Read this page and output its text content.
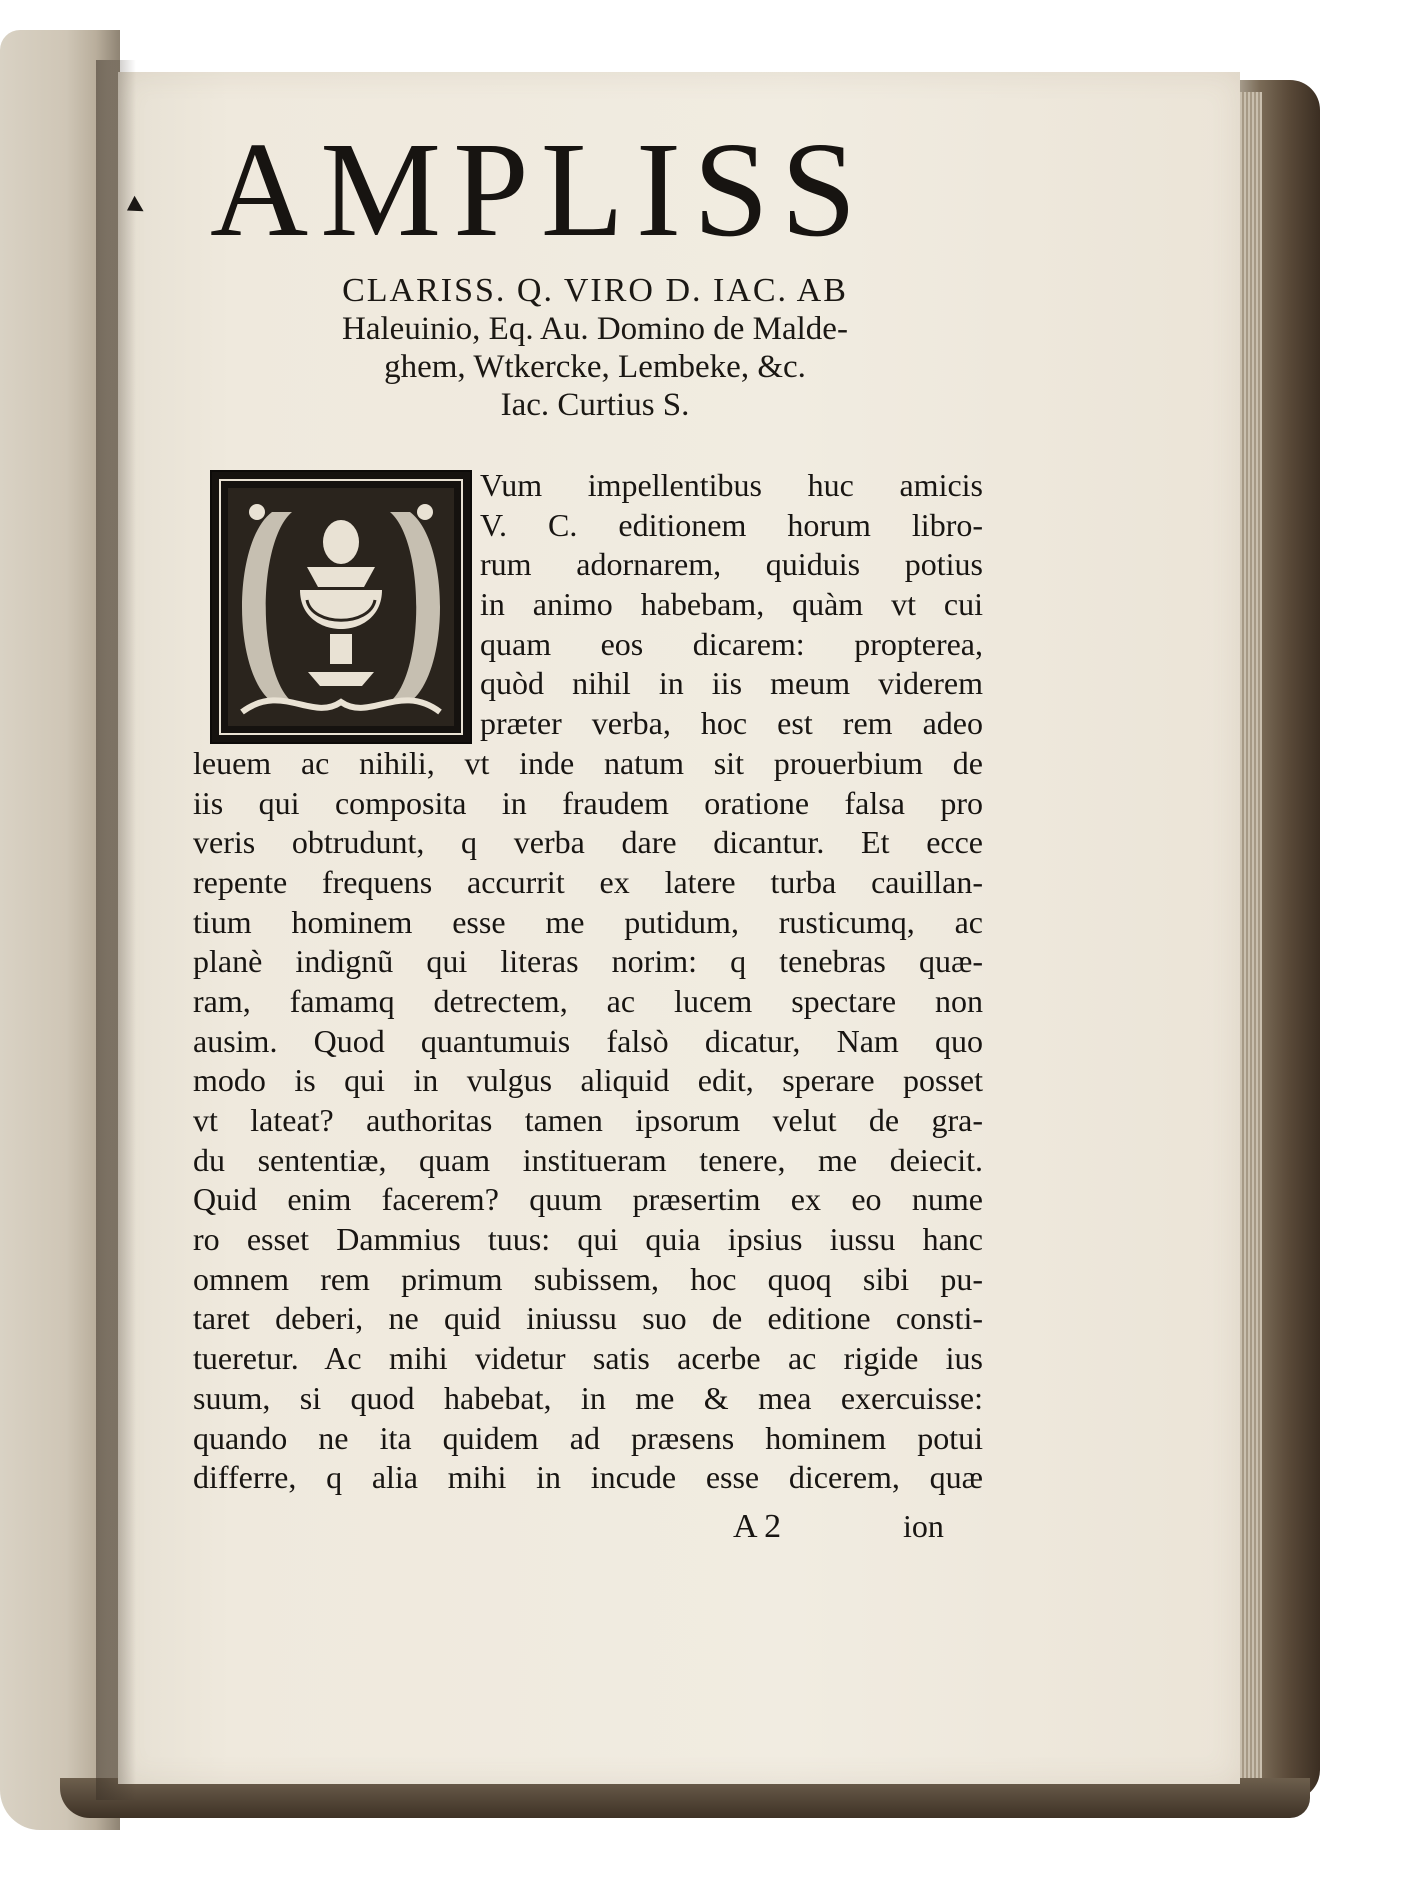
AMPLISS
CLARISS. Q. VIRO D. IAC. AB
Haleuinio, Eq. Au. Domino de Malde-
ghem, Wtkercke, Lembeke, &c.
Iac. Curtius S.
Vum impellentibus huc amicis
V. C. editionem horum libro-
rum adornarem, quiduis potius
in animo habebam, quàm vt cui
quam eos dicarem: propterea,
quòd nihil in iis meum viderem
præter verba, hoc est rem adeo
leuem ac nihili, vt inde natum sit prouerbium de
iis qui composita in fraudem oratione falsa pro
veris obtrudunt, q verba dare dicantur. Et ecce
repente frequens accurrit ex latere turba cauillan-
tium hominem esse me putidum, rusticumq, ac
planè indignũ qui literas norim: q tenebras quæ-
ram, famamq detrectem, ac lucem spectare non
ausim. Quod quantumuis falsò dicatur, Nam quo
modo is qui in vulgus aliquid edit, sperare posset
vt lateat? authoritas tamen ipsorum velut de gra-
du sententiæ, quam institueram tenere, me deiecit.
Quid enim facerem? quum præsertim ex eo nume
ro esset Dammius tuus: qui quia ipsius iussu hanc
omnem rem primum subissem, hoc quoq sibi pu-
taret deberi, ne quid iniussu suo de editione consti-
tueretur. Ac mihi videtur satis acerbe ac rigide ius
suum, si quod habebat, in me & mea exercuisse:
quando ne ita quidem ad præsens hominem potui
differre, q alia mihi in incude esse dicerem, quæ
A 2	ion
